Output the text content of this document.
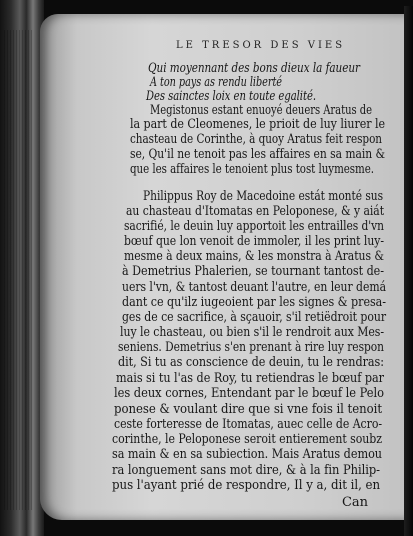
LE TRESOR DES VIES
Qui moyennant des bons dieux la faueur
A ton pays as rendu liberté
Des sainctes loix en toute egalité.
Megistonus estant enuoyé deuers Aratus de
la part de Cleomenes, le prioit de luy liurer le
chasteau de Corinthe, à quoy Aratus feit respon
se, Qu'il ne tenoit pas les affaires en sa main &
que les affaires le tenoient plus tost luymesme.
Philippus Roy de Macedoine estát monté sus
au chasteau d'Itomatas en Peloponese, & y aiát
sacrifié, le deuin luy apportoit les entrailles d'vn
bœuf que lon venoit de immoler, il les print luy-
mesme à deux mains, & les monstra à Aratus &
à Demetrius Phalerien, se tournant tantost de-
uers l'vn, & tantost deuant l'autre, en leur demá
dant ce qu'ilz iugeoient par les signes & presa-
ges de ce sacrifice, à sçauoir, s'il retiëdroit pour
luy le chasteau, ou bien s'il le rendroit aux Mes-
seniens. Demetrius s'en prenant à rire luy respon
dit, Si tu as conscience de deuin, tu le rendras:
mais si tu l'as de Roy, tu retiendras le bœuf par
les deux cornes, Entendant par le bœuf le Pelo
ponese & voulant dire que si vne fois il tenoit
ceste forteresse de Itomatas, auec celle de Acro-
corinthe, le Peloponese seroit entierement soubz
sa main & en sa subiection. Mais Aratus demou
ra longuement sans mot dire, & à la fin Philip-
pus l'ayant prié de respondre, Il y a, dit il, en
Can
